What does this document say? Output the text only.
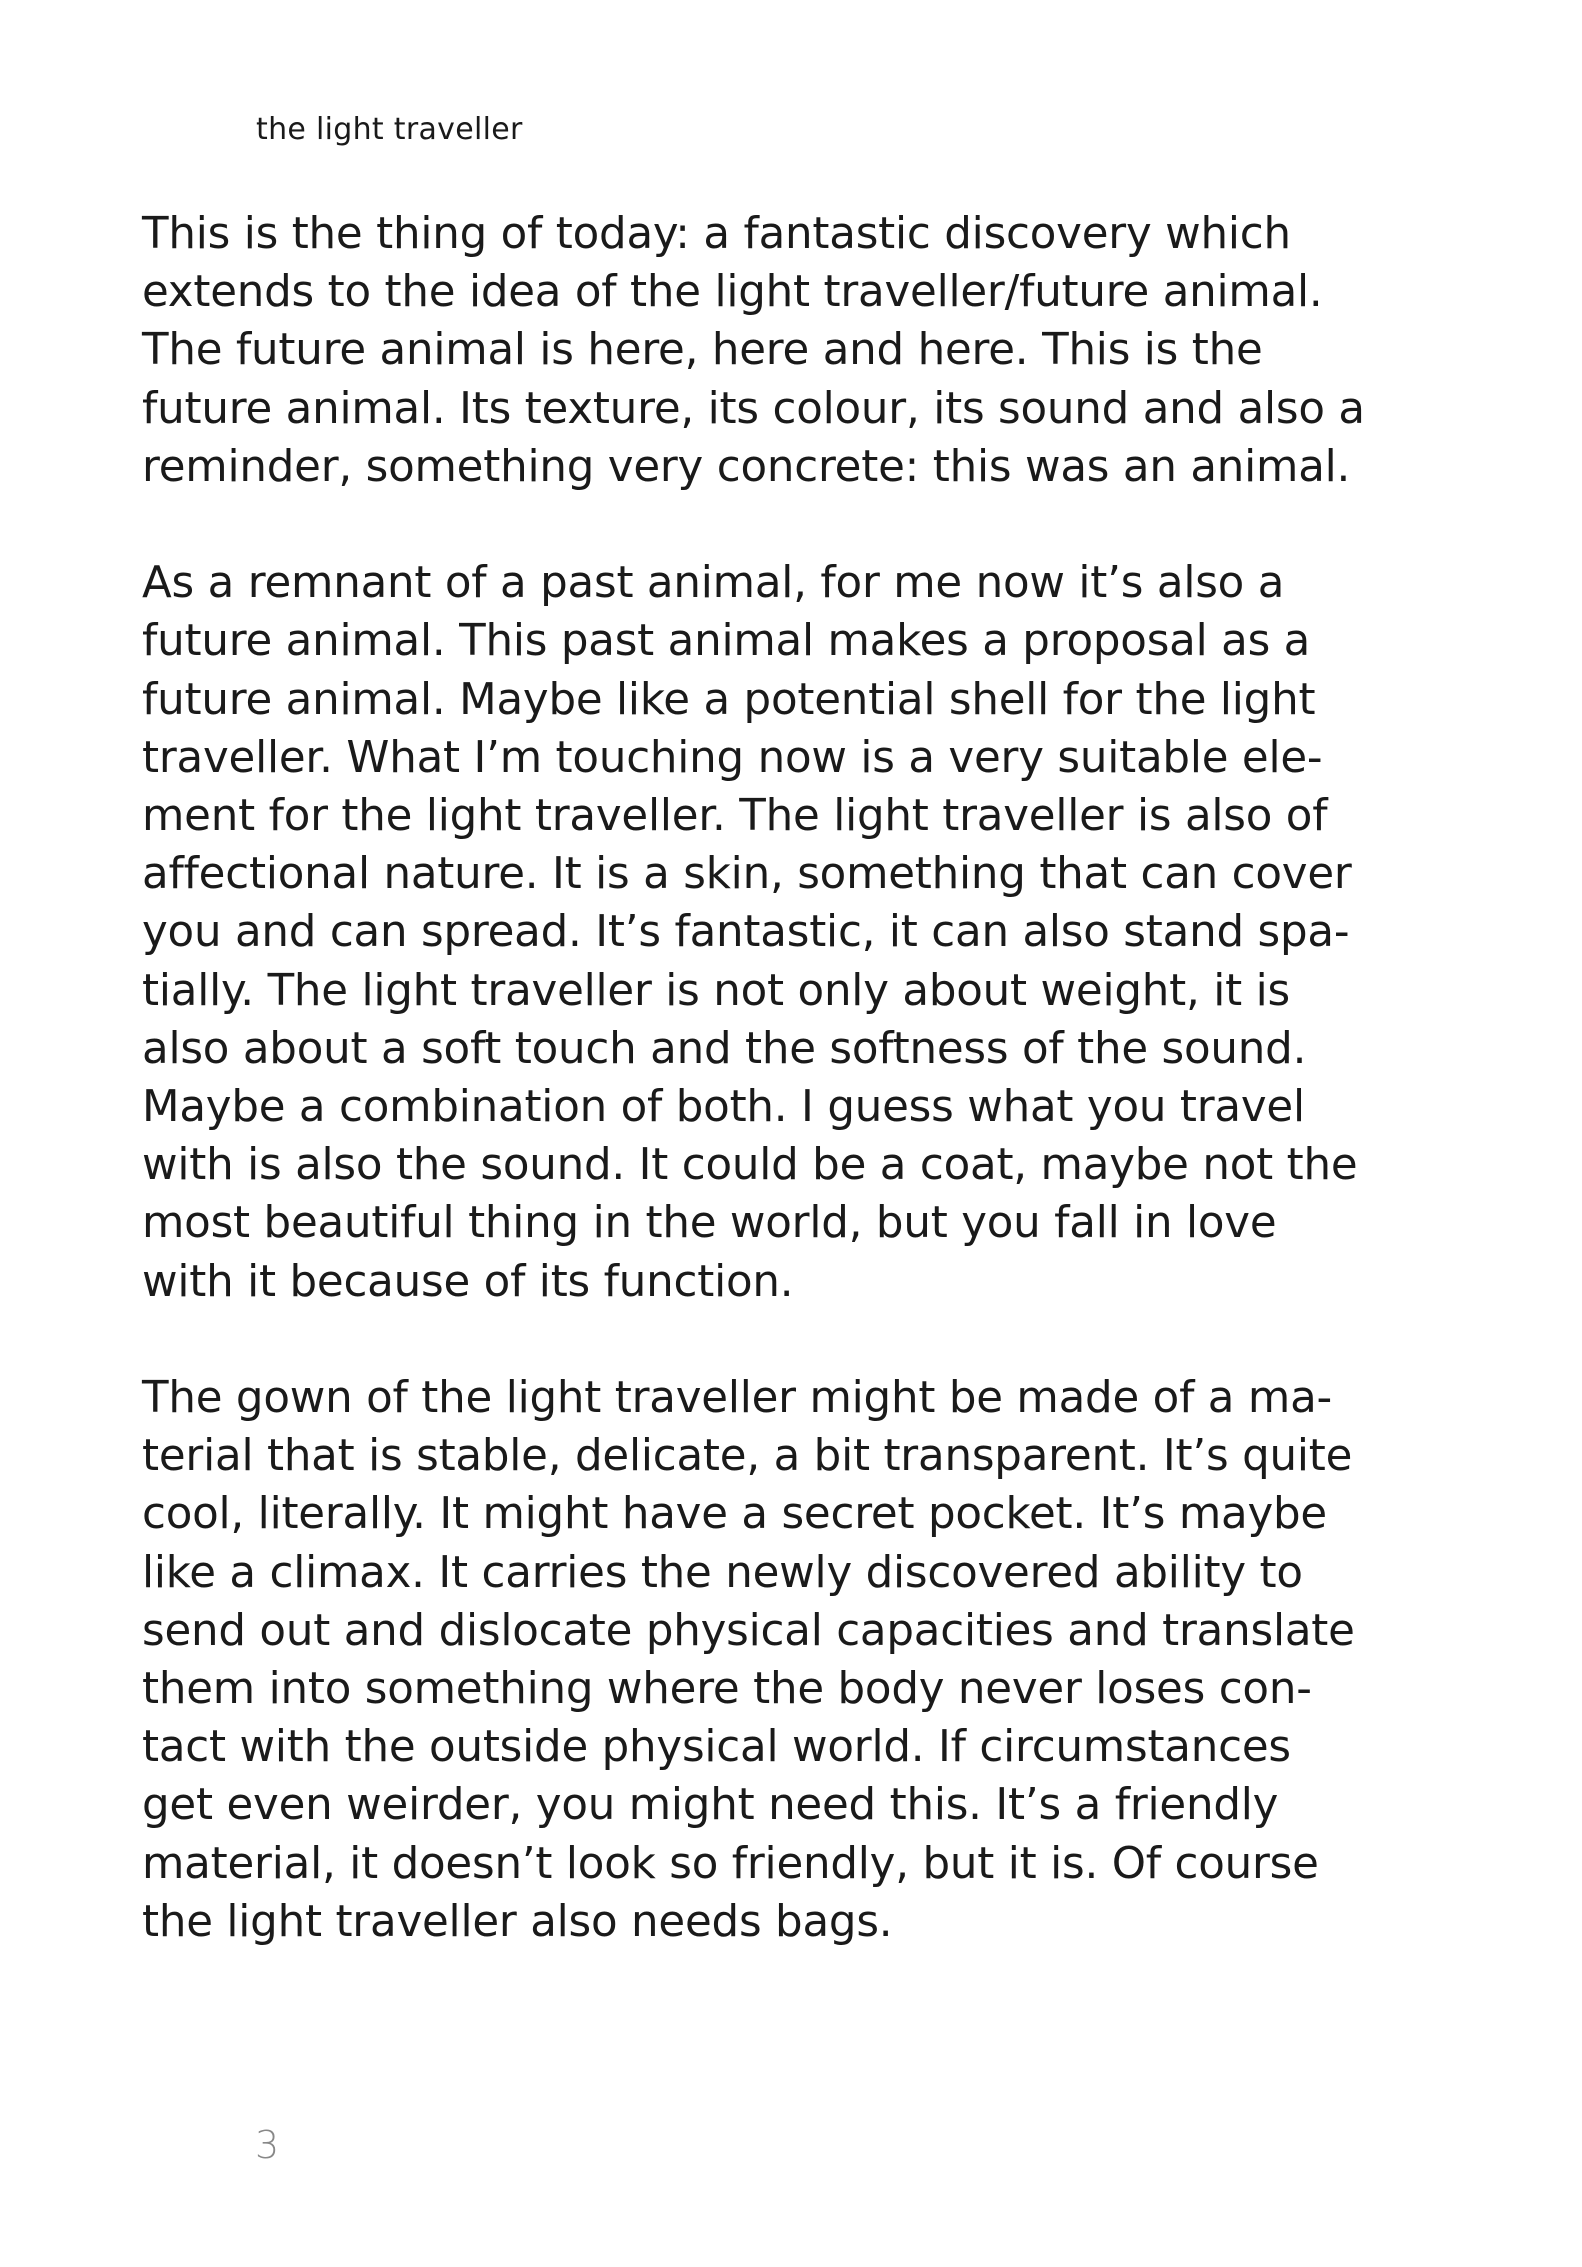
the light traveller
This is the thing of today: a fantastic discovery which
extends to the idea of the light traveller/future animal.
The future animal is here, here and here. This is the
future animal. Its texture, its colour, its sound and also a
reminder, something very concrete: this was an animal.
As a remnant of a past animal, for me now it’s also a
future animal. This past animal makes a proposal as a
future animal. Maybe like a potential shell for the light
traveller. What I’m touching now is a very suitable ele-
ment for the light traveller. The light traveller is also of
affectional nature. It is a skin, something that can cover
you and can spread. It’s fantastic, it can also stand spa-
tially. The light traveller is not only about weight, it is
also about a soft touch and the softness of the sound.
Maybe a combination of both. I guess what you travel
with is also the sound. It could be a coat, maybe not the
most beautiful thing in the world, but you fall in love
with it because of its function.
The gown of the light traveller might be made of a ma-
terial that is stable, delicate, a bit transparent. It’s quite
cool, literally. It might have a secret pocket. It’s maybe
like a climax. It carries the newly discovered ability to
send out and dislocate physical capacities and translate
them into something where the body never loses con-
tact with the outside physical world. If circumstances
get even weirder, you might need this. It’s a friendly
material, it doesn’t look so friendly, but it is. Of course
the light traveller also needs bags.
3
